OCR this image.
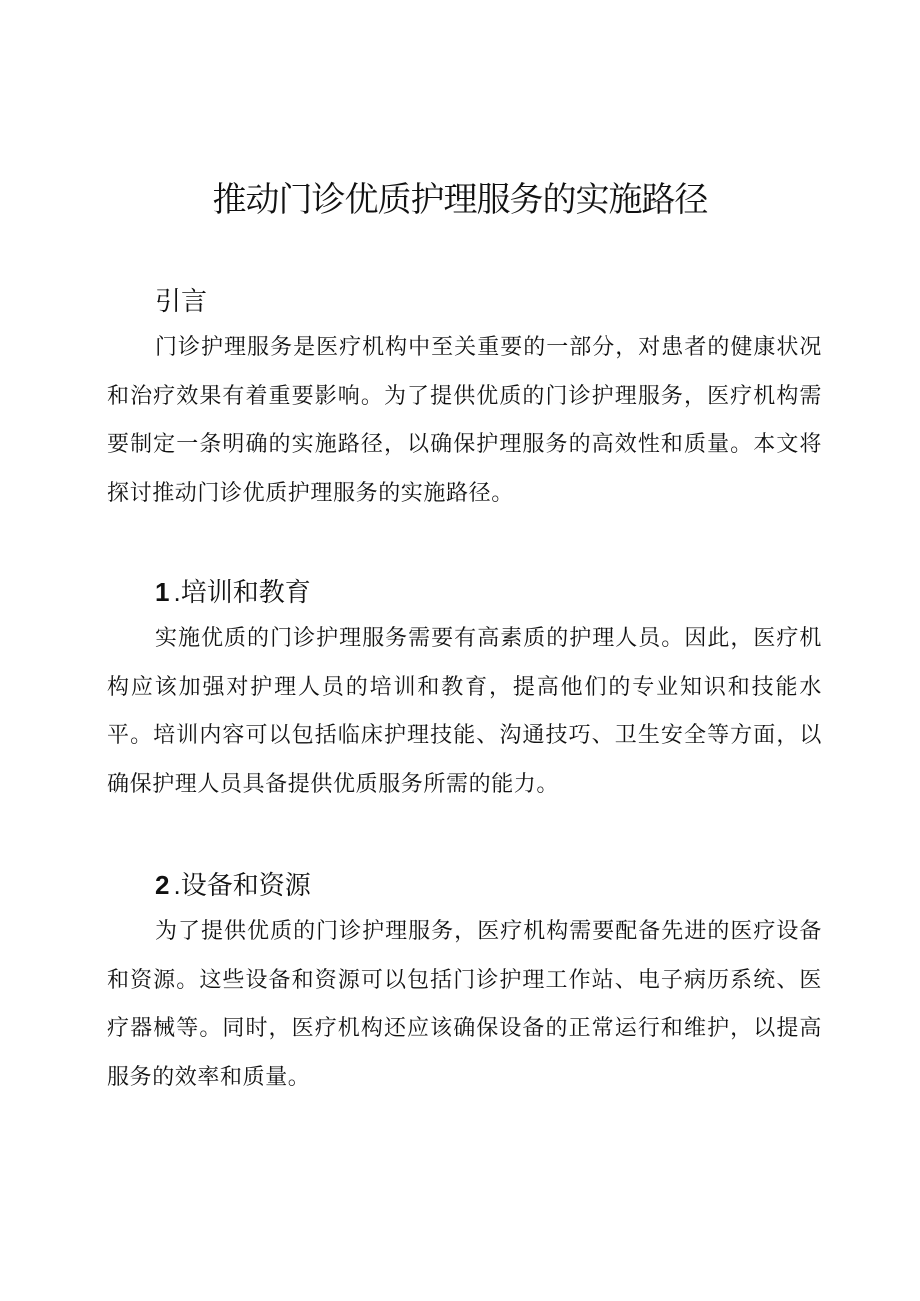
推动门诊优质护理服务的实施路径
引言

门诊护理服务是医疗机构中至关重要的一部分，对患者的健康状况和治疗效果有着重要影响。为了提供优质的门诊护理服务，医疗机构需要制定一条明确的实施路径，以确保护理服务的高效性和质量。本文将探讨推动门诊优质护理服务的实施路径。

1 .培训和教育

实施优质的门诊护理服务需要有高素质的护理人员。因此，医疗机构应该加强对护理人员的培训和教育，提高他们的专业知识和技能水平。培训内容可以包括临床护理技能、沟通技巧、卫生安全等方面，以确保护理人员具备提供优质服务所需的能力。

2 .设备和资源

为了提供优质的门诊护理服务，医疗机构需要配备先进的医疗设备和资源。这些设备和资源可以包括门诊护理工作站、电子病历系统、医疗器械等。同时，医疗机构还应该确保设备的正常运行和维护，以提高服务的效率和质量。
